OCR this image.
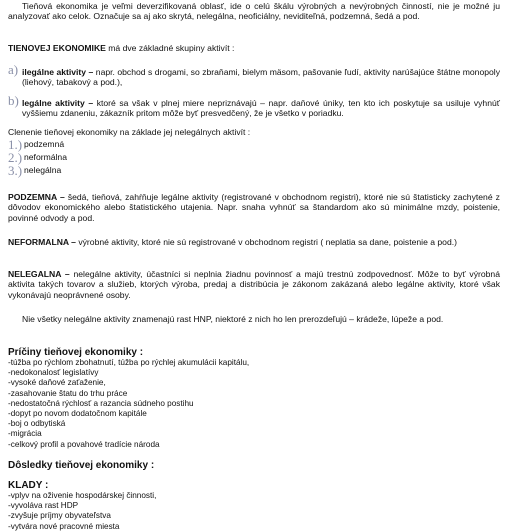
Tieňová ekonomika je veľmi deverzifikovaná oblasť, ide o celú škálu výrobných a nevýrobných činností, nie je možné ju analyzovať ako celok. Označuje sa aj ako skrytá, nelegálna, neoficiálny, neviditeľná, podzemná, šedá a pod.

TIENOVEJ EKONOMIKE má dve základné skupiny aktivít :

a) ilegálne aktivity – napr. obchod s drogami, so zbraňami, bielym mäsom, pašovanie ľudí, aktivity narúšajúce štátne monopoly (liehový, tabakový a pod.),
b) legálne aktivity – ktoré sa však v plnej miere nepriznávajú – napr. daňové úniky, ten kto ich poskytuje sa usiluje vyhnúť vyššiemu zdaneniu, zákazník pritom môže byť presvedčený, že je všetko v poriadku.

Clenenie tieňovej ekonomiky na základe jej nelegálnych aktivít :

1.) podzemná
2.) neformálna
3.) nelegálna

PODZEMNA – šedá, tieňová, zahŕňuje legálne aktivity (registrované v obchodnom registri), ktoré nie sú štatisticky zachytené z dôvodov ekonomického alebo štatistického utajenia. Napr. snaha vyhnúť sa štandardom ako sú minimálne mzdy, poistenie, povinné odvody a pod.

NEFORMALNA – výrobné aktivity, ktoré nie sú registrované v obchodnom registri ( neplatia sa dane, poistenie a pod.)

NELEGALNA – nelegálne aktivity, účastníci si neplnia žiadnu povinnosť a majú trestnú zodpovednosť. Môže to byť výrobná aktivita takých tovarov a služieb, ktorých výroba, predaj a distribúcia je zákonom zakázaná alebo legálne aktivity, ktoré však vykonávajú neoprávnené osoby.

Nie všetky nelegálne aktivity znamenajú rast HNP, niektoré z nich ho len prerozdeľujú – krádeže, lúpeže a pod.

Príčiny tieňovej ekonomiky :

-túžba po rýchlom zbohatnutí, túžba po rýchlej akumulácii kapitálu,
-nedokonalosť legislatívy
-vysoké daňové zaťaženie,
-zasahovanie štatu do trhu práce
-nedostatočná rýchlosť a razancia súdneho postihu
-dopyt po novom dodatočnom kapitále
-boj o odbytiská
-migrácia
-celkový profil a povahové tradície národa

Dôsledky tieňovej ekonomiky :

KLADY :

-vplyv na oživenie hospodárskej činnosti,
-vyvoláva rast HDP
-zvyšuje príjmy obyvateľstva
-vytvára nové pracovné miesta
